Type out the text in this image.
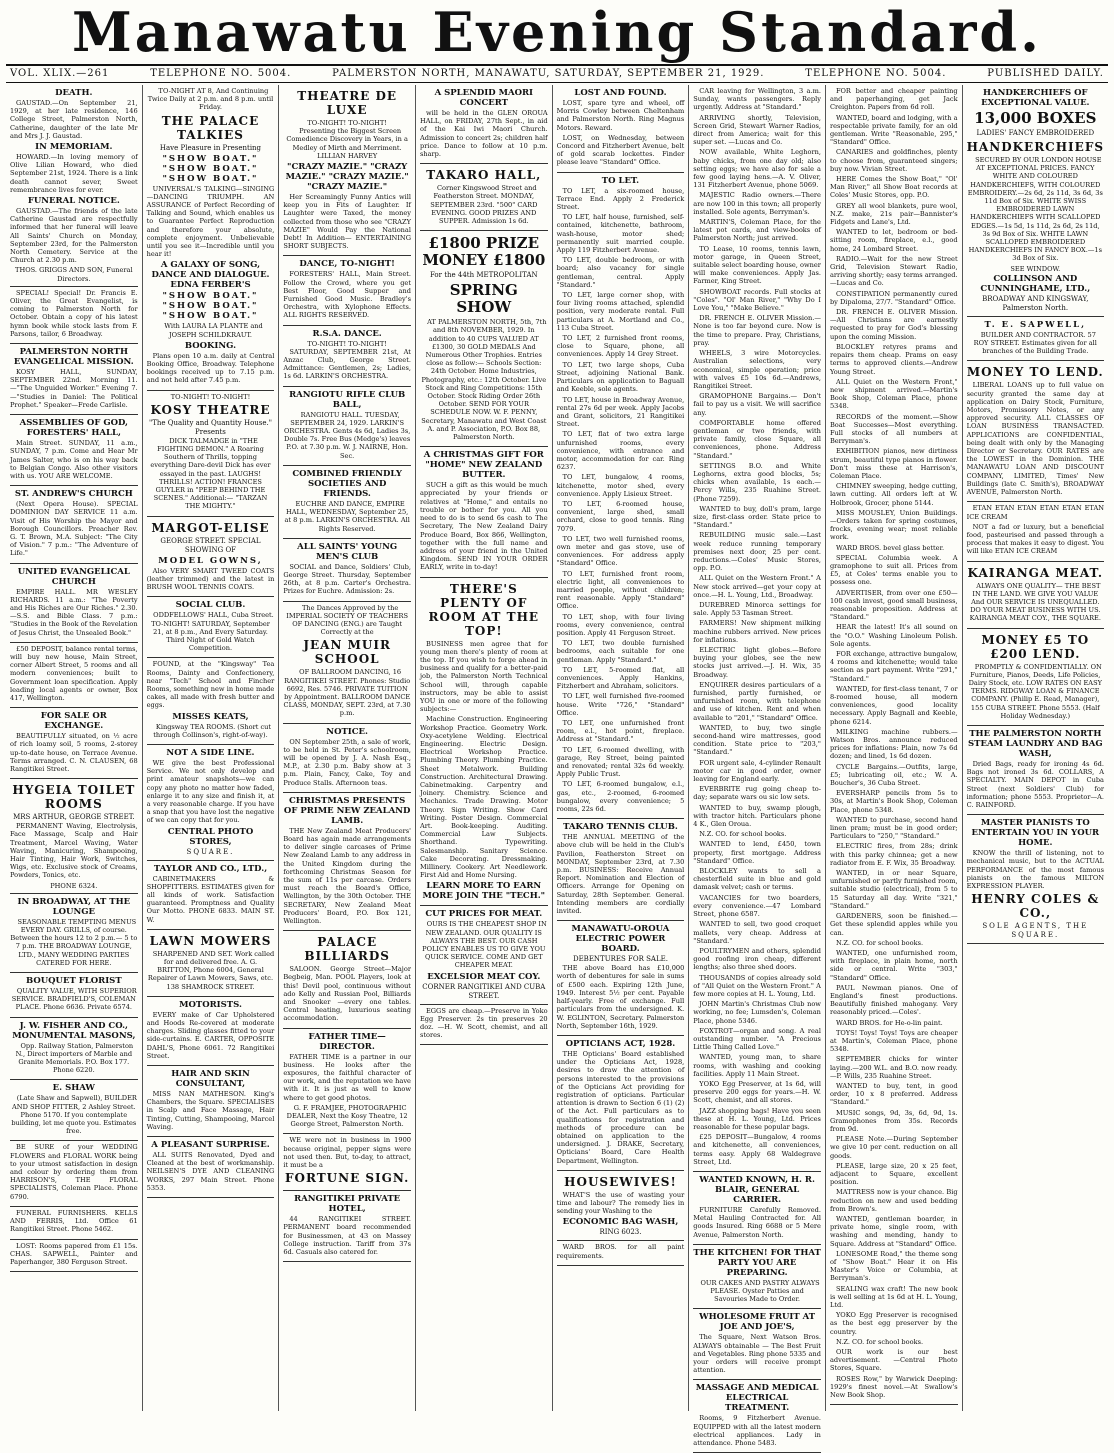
Manawatu Evening Standard.
VOL. XLIX.—261	TELEPHONE NO. 5004.	PALMERSTON NORTH, MANAWATU, SATURDAY, SEPTEMBER 21, 1929.	TELEPHONE NO. 5004.	PUBLISHED DAILY.
DEATH.

GAUSTAD.—On September 21, 1929, at her late residence, 146 College Street, Palmerston North, Catherine, daughter of the late Mr and Mrs J. J. Gaustad.

IN MEMORIAM.

HOWARD.—In loving memory of Olive Lilian Howard, who died September 21st, 1924. There is a link death cannot sever, Sweet remembrance lives for ever.

FUNERAL NOTICE.

GAUSTAD.—The friends of the late Catherine Gaustad are respectfully informed that her funeral will leave All Saints' Church on Monday, September 23rd, for the Palmerston North Cemetery. Service at the Church at 2.30 p.m.

THOS. GRIGGS AND SON, Funeral Directors.

SPECIAL! Special! Dr. Francis E. Oliver, the Great Evangelist, is coming to Palmerston North for October. Obtain a copy of his latest hymn book while stock lasts from F. Parsons, tailor, 6 Broadway.

PALMERSTON NORTH EVANGELICAL MISSION.

KOSY HALL, SUNDAY, SEPTEMBER 22nd. Morning 11.—"The Unguided Worker." Evening 7.—"Studies in Daniel: The Political Prophet." Speaker—Frede Carlisle.

ASSEMBLIES OF GOD, FORESTERS' HALL,

Main Street. SUNDAY, 11 a.m., SUNDAY, 7 p.m. Come and Hear Mr James Salter, who is on his way back to Belgian Congo. Also other visitors with us. YOU ARE WELCOME.

ST. ANDREW'S CHURCH

(Next Opera House). SPECIAL DOMINION DAY SERVICE 11 a.m. Visit of His Worship the Mayor and Borough Councillors. Preacher Rev. G. T. Brown, M.A. Subject: "The City of Vision." 7 p.m.: "The Adventure of Life."

UNITED EVANGELICAL CHURCH

EMPIRE HALL. MR WESLEY RICHARDS. 11 a.m.: "The Poverty and His Riches are Our Riches." 2.30.—S.S. and Bible Class. 7 p.m.: "Studies in the Book of the Revelation of Jesus Christ, the Unsealed Book."

£50 DEPOSIT, balance rental terms, will buy new house, Main Street, corner Albert Street, 5 rooms and all modern conveniences; built to Government loan specification. Apply leading local agents or owner, Box 417, Wellington.

FOR SALE OR EXCHANGE.

BEAUTIFULLY situated, on ½ acre of rich loamy soil, 5 rooms, 2-storey up-to-date house, on Terrace Avenue. Terms arranged. C. N. CLAUSEN, 68 Rangitikei Street.

HYGEIA TOILET ROOMS
MRS ARTHUR, GEORGE STREET.

PERMANENT Waving, Electrolysis, Face Massage, Scalp and Hair Treatment, Marcel Waving, Water Waving, Manicuring, Shampooing, Hair Tinting, Hair Work, Switches, Wigs, etc. Exclusive stock of Creams, Powders, Tonics, etc.

PHONE 6324.
IN BROADWAY, AT THE LOUNGE

SEASONABLE TEMPTING MENUS EVERY DAY. GRILLS, of course. Between the hours 12 to 2 p.m.— 5 to 7 p.m. THE BROADWAY LOUNGE, LTD., MANY WEDDING PARTIES CATERED FOR HERE.

BOUQUET FLORIST

QUALITY VALUE, WITH SUPERIOR SERVICE. BRADFIELD'S, COLEMAN PLACE. Phone 6636. Private 6574.

J. W. FISHER AND CO., MONUMENTAL MASONS,

Opp. Railway Station, Palmerston N., Direct importers of Marble and Granite Memorials. P.O. Box 177. Phone 6220.

E. SHAW

(Late Shaw and Sapwell), BUILDER AND SHOP FITTER, 2 Ashley Street. Phone 5170. If you contemplate building, let me quote you. Estimates free.

BE SURE of your WEDDING FLOWERS and FLORAL WORK being to your utmost satisfaction in design and colour by ordering them from HARRISON'S, THE FLORAL SPECIALISTS, Coleman Place. Phone 6790.

FUNERAL FURNISHERS. KELLS AND FERRIS, Ltd. Office 61 Rangitikei Street. Phone 5462.

LOST: Rooms papered from £1 15s. CHAS. SAPWELL, Painter and Paperhanger, 380 Ferguson Street.

TO-NIGHT AT 8, And Continuing Twice Daily at 2 p.m. and 8 p.m. until Friday.

THE PALACE TALKIES
Have Pleasure in Presenting
"SHOW BOAT." "SHOW BOAT." "SHOW BOAT."

UNIVERSAL'S TALKING—SINGING —DANCING TRIUMPH. AN ASSURANCE of Perfect Recording of Talking and Sound, which enables us to Guarantee Perfect Reproduction and therefore your absolute, complete enjoyment. Unbelievable until you see it—Incredible until you hear it!

A GALAXY OF SONG, DANCE AND DIALOGUE. EDNA FERBER'S
"SHOW BOAT." "SHOW BOAT." "SHOW BOAT."

With LAURA LA PLANTE and JOSEPH SCHILDKRAUT.

BOOKING.

Plans open 10 a.m. daily at Central Booking Office, Broadway. Telephone bookings received up to 7.15 p.m. and not held after 7.45 p.m.

TO-NIGHT! TO-NIGHT!
KOSY THEATRE
"The Quality and Quantity House." Presents

DICK TALMADGE in "THE FIGHTING DEMON." A Roaring Southern of Thrills, topping everything Dare-devil Dick has ever essayed in the past. LAUGHS! THRILLS! ACTION! FRANCES GUYLER in "PEEP BEHIND THE SCENES." Additional:— "TARZAN THE MIGHTY."

MARGOT-ELISE
GEORGE STREET. SPECIAL SHOWING OF
MODEL GOWNS,

Also VERY SMART TWEED COATS (leather trimmed) and the latest in BRUSH WOOL TENNIS COATS.

SOCIAL CLUB.

ODDFELLOWS' HALL, Cuba Street. TO-NIGHT! SATURDAY, September 21, at 8 p.m., And Every Saturday. Third Night of Gold Watch Competition.

FOUND, at the "Kingsway" Tea Rooms, Dainty and Confectionery, near "Tech" School and Fincher Rooms, something new in home made cakes, all made with fresh butter and eggs.

MISSES KEATS,

Kingsway TEA ROOMS. (Short cut through Collinson's, right-of-way).

NOT A SIDE LINE.

WE give the best Professional Service. We not only develop and print amateur snapshots—we can copy any photo no matter how faded, enlarge it to any size and finish it, at a very reasonable charge. If you have a snap that you have lost the negative of we can copy that for you.

CENTRAL PHOTO STORES,
SQUARE.
TAYLOR AND CO., LTD.,

CABINETMAKERS & SHOPFITTERS. ESTIMATES given for all kinds of work. Satisfaction guaranteed. Promptness and Quality Our Motto. PHONE 6833. MAIN ST. W.

LAWN MOWERS

SHARPENED AND SET. Work called for and delivered free. A. G. BRITTON, Phone 6004, General Repairer of Lawn Mowers, Saws, etc. 138 SHAMROCK STREET.

MOTORISTS.

EVERY make of Car Upholstered and Hoods Re-covered at moderate charges. Sliding glasses fitted to your side-curtains. E. CARTER, OPPOSITE DAHL'S, Phone 6061. 72 Rangitikei Street.

HAIR AND SKIN CONSULTANT,

MISS NAN MATHESON. King's Chambers, the Square. SPECIALISES in Scalp and Face Massage, Hair Tinting, Cutting, Shampooing, Marcel Waving.

A PLEASANT SURPRISE.

ALL SUITS Renovated, Dyed and Cleaned at the best of workmanship. NEILSEN'S DYE AND CLEANING WORKS, 297 Main Street. Phone 5353.

THEATRE DE LUXE
TO-NIGHT! TO-NIGHT!

Presenting the Biggest Screen Comedience Discovery in Years, in a Medley of Mirth and Merriment. LILLIAN HARVEY

"CRAZY MAZIE." "CRAZY MAZIE." "CRAZY MAZIE." "CRAZY MAZIE."

Her Screamingly Funny Antics will keep you in Fits of Laughter. If Laughter were Taxed, the money collected from those who see "CRAZY MAZIE" Would Pay the National Debt! In Addition— ENTERTAINING SHORT SUBJECTS.

DANCE, TO-NIGHT!

FORESTERS' HALL, Main Street. Follow the Crowd, where you get Best Floor, Good Supper and Furnished Good Music. Bradley's Orchestra, with Xylophone Effects. ALL RIGHTS RESERVED.

R.S.A. DANCE.
TO-NIGHT! TO-NIGHT!

SATURDAY, SEPTEMBER 21st, At Anzac Club, George Street. Admittance: Gentlemen, 2s; Ladies, 1s 6d. LARKIN'S ORCHESTRA.

RANGIOTU RIFLE CLUB BALL,

RANGIOTU HALL. TUESDAY, SEPTEMBER 24, 1929. LARKIN'S ORCHESTRA. Gents 4s 6d, Ladies 3s, Double 7s. Free Bus (Medge's) leaves P.O. at 7.30 p.m. W. J. NAIRNE, Hon. Sec.

COMBINED FRIENDLY SOCIETIES AND FRIENDS.

EUCHRE AND DANCE, EMPIRE HALL, WEDNESDAY, September 25, at 8 p.m. LARKIN'S ORCHESTRA. All Rights Reserved.

ALL SAINTS' YOUNG MEN'S CLUB

SOCIAL and Dance, Soldiers' Club, George Street. Thursday, September 26th, at 8 p.m. Carter's Orchestra. Prizes for Euchre. Admission: 2s.

The Dances Approved by the IMPERIAL SOCIETY OF TEACHERS OF DANCING (ENG.) are Taught Correctly at the

JEAN MUIR SCHOOL

OF BALLROOM DANCING, 16 RANGITIKEI STREET. Phones: Studio 6692, Res. 5746. PRIVATE TUITION by Appointment. BALLROOM DANCE CLASS, MONDAY, SEPT. 23rd, at 7.30 p.m.

NOTICE.

ON September 25th, a sale of work, to be held in St. Peter's schoolroom, will be opened by J. A. Nash Esq., M.P., at 2.30 p.m. Baby show at 3 p.m. Plain, Fancy, Cake, Toy and Produce Stalls. Afternoon teas.

CHRISTMAS PRESENTS OF PRIME NEW ZEALAND LAMB.

THE New Zealand Meat Producers' Board has again made arrangements to deliver single carcases of Prime New Zealand Lamb to any address in the United Kingdom during the forthcoming Christmas Season for the sum of 11s per carcase. Orders must reach the Board's Office, Wellington, by the 30th October. THE SECRETARY, New Zealand Meat Producers' Board, P.O. Box 121, Wellington.

PALACE BILLIARDS

SALOON. George Street—Major Begbeig, Man. POOL Players, look at this! Devil pool, continuous without ado Kelly and Russian Pool, Billiards and Snooker —every one tables. Central heating, luxurious seating accommodation.

FATHER TIME— DIRECTOR.

FATHER TIME is a partner in our business. He looks after the exposures, the faithful character of our work, and the reputation we have with it. It is just as well to know where to get good photos.

G. F. FRAMJEE, PHOTOGRAPHIC DEALER, Next the Kosy Theatre, 12 George Street, Palmerston North.

WE were not in business in 1900 because original, pepper signs were not used then. But, to-day, to attract, it must be a

FORTUNE SIGN.
RANGITIKEI PRIVATE HOTEL,

44 RANGITIKEI STREET. PERMANENT board recommended for Businessmen, at 43 on Massey College instruction. Tariff from 37s 6d. Casuals also catered for.

A SPLENDID MAORI CONCERT

will be held in the GLEN OROUA HALL, on FRIDAY, 27th Sept., in aid of the Kai Iwi Maori Church. Admission to concert 2s; children half price. Dance to follow at 10 p.m. sharp.

TAKARO HALL,

Corner Kingswood Street and Featherston Street. MONDAY, SEPTEMBER 23rd. "500" CARD EVENING. GOOD PRIZES AND SUPPER. Admission 1s 6d.

£1800 PRIZE MONEY £1800
For the 44th METROPOLITAN
SPRING SHOW

AT PALMERSTON NORTH, 5th, 7th and 8th NOVEMBER, 1929. In addition to 40 CUPS VALUED AT £1300, 30 GOLD MEDALS And Numerous Other Trophies. Entries close as follow:— Schools Section: 24th October. Home Industries, Photography, etc.: 12th October. Live Stock and Ring Competitions: 15th October. Stock Riding Order 26th October. SEND FOR YOUR SCHEDULE NOW. W. F. PENNY, Secretary, Manawatu and West Coast A. and P. Association, P.O. Box 88, Palmerston North.

A CHRISTMAS GIFT FOR "HOME" NEW ZEALAND BUTTER.

SUCH a gift as this would be much appreciated by your friends or relatives at "Home," and entails no trouble or bother for you. All you need to do is to send 6s cash to The Secretary, The New Zealand Dairy Produce Board, Box 866, Wellington, together with the full name and address of your friend in the United Kingdom. SEND IN YOUR ORDER EARLY, write in to-day!

THERE'S PLENTY OF ROOM AT THE TOP!

BUSINESS men agree that for young men there's plenty of room at the top. If you wish to forge ahead in business and qualify for a better-paid job, the Palmerston North Technical School will, through capable instructors, may be able to assist YOU in one or more of the following subjects:—

Machine Construction. Engineering Workshop Practice. Geometry Work. Oxy-acetylene Welding. Electrical Engineering. Electric Design. Electrical Workshop Practice. Plumbing Theory. Plumbing Practice. Sheet Metalwork. Building Construction. Architectural Drawing. Cabinetmaking. Carpentry and Joinery. Chemistry. Science and Mechanics. Trade Drawing. Motor Theory. Sign Writing. Show Card Writing. Poster Design. Commercial Art. Book-keeping. Auditing. Commercial Law Subjects. Shorthand. Typewriting. Salesmanship. Sanitary Science. Cake Decorating. Dressmaking. Millinery. Cookery. Art Needlework. First Aid and Home Nursing.

LEARN MORE TO EARN MORE JOIN THE "TECH."
CUT PRICES FOR MEAT.

OURS IS THE CHEAPEST SHOP IN NEW ZEALAND. OUR QUALITY IS ALWAYS THE BEST. OUR CASH POLICY ENABLES US TO GIVE YOU QUICK SERVICE. COME AND GET CHEAPER MEAT.

EXCELSIOR MEAT COY.
CORNER RANGITIKEI AND CUBA STREET.

EGGS are cheap.—Preserve in Yoko Egg Preserver. 2s tin preserves 20 doz. —H. W. Scott, chemist, and all stores.

LOST AND FOUND.

LOST, spare tyre and wheel, off Morris Cowley between Cheltenham and Palmerston North. Ring Magnus Motors. Reward.

LOST, on Wednesday, between Concord and Fitzherbert Avenue, belt of gold scarab lockettes. Finder please leave "Standard" Office.

TO LET.

TO LET, a six-roomed house, Terrace End. Apply 2 Frederick Street.

TO LET, half house, furnished, self-contained, kitchenette, bathroom, wash-house, motor shed; permanently suit married couple. Apply 119 Fitzherbert Avenue.

TO LET, double bedroom, or with board; also vacancy for single gentleman, central. Apply "Standard."

TO LET, large corner shop, with four living rooms attached, splendid position, very moderate rental. Full particulars at A. Mortland and Co., 113 Cuba Street.

TO LET, 2 furnished front rooms, close to Square, phone, all conveniences. Apply 14 Grey Street.

TO LET, two large shops, Cuba Street, adjoining National Bank. Particulars on application to Baguall and Keeble, sole agents.

TO LET, house in Broadway Avenue, rental 27s 6d per week. Apply Jacobs and Grant, solicitors, 21 Rangitikei Street.

TO LET, flat of two extra large unfurnished rooms, every convenience, with entrance and motor, accommodation for car. Ring 6237.

TO LET, bungalow, 4 rooms, kitchenette, motor shed, every convenience. Apply Lisieux Street.

TO LET, 6-roomed house, convenient, large shed, small orchard, close to good tennis. Ring 7079.

TO LET, two well furnished rooms, own meter and gas stove, use of conveniences. For address apply "Standard" Office.

TO LET, furnished front room, electric light, all conveniences to married people, without children; rent reasonable. Apply "Standard" Office.

TO LET, shop, with four living rooms, every convenience, central position. Apply 41 Ferguson Street.

TO LET, two double furnished bedrooms, each suitable for one gentleman. Apply "Standard."

TO LET, 5-roomed flat, all conveniences. Apply Hankins, Fitzherbert and Abraham, solicitors.

TO LET, well furnished five-roomed house. Write "726," "Standard" Office.

TO LET, one unfurnished front room, e.l., hot point, fireplace. Address at "Standard."

TO LET, 6-roomed dwelling, with garage, Rey Street, being painted and renovated; rental 32s 6d weekly. Apply Public Trust.

TO LET, 6-roomed bungalow, e.l., gas, etc., 2-roomed, 6-roomed bungalow, every convenience; 5 rooms, 22s 6d.

TAKARO TENNIS CLUB.

THE ANNUAL MEETING of the above club will be held in the Club's Pavilion, Featherston Street on MONDAY, September 23rd, at 7.30 p.m. BUSINESS: Receive Annual Report. Nomination and Election of Officers. Arrange for Opening on Saturday, 28th September. General. Intending members are cordially invited.

MANAWATU-OROUA ELECTRIC POWER BOARD.
DEBENTURES FOR SALE.

THE above Board has £10,000 worth of debentures for sale in sums of £500 each. Expiring 12th June, 1949. Interest 5½ per cent. Payable half-yearly. Free of exchange. Full particulars from the undersigned. K. W. EGLINTON, Secretary. Palmerston North, September 16th, 1929.

OPTICIANS ACT, 1928.

THE Opticians' Board established under the Opticians Act, 1928, desires to draw the attention of persons interested to the provisions of the Opticians Act providing for registration of opticians. Particular attention is drawn to Section 6 (1) (2) of the Act. Full particulars as to qualifications for registration and methods of procedure can be obtained on application to the undersigned. J. DRAKE, Secretary, Opticians' Board, Care Health Department, Wellington.

HOUSEWIVES!

WHAT'S the use of wasting your time and labour? The remedy lies in sending your Washing to the

ECONOMIC BAG WASH,
RING 6023.

WARD BROS. for all paint requirements.

CAR leaving for Wellington, 3 a.m. Sunday, wants passengers. Reply urgently. Address at "Standard."

ARRIVING shortly, Television, Screen Grid, Stewart Warner Radios, direct from America; wait for this super set. —Lucas and Co.

NOW available, White Leghorn, baby chicks, from one day old; also setting eggs; we have also for sale a few good laying hens.—A. V. Oliver, 131 Fitzherbert Avenue, phone 5069.

MAJESTIC Radio owners.—There are now 100 in this town; all properly installed. Sole agents, Berryman's.

MARTIN'S, Coleman Place, for the latest pot cards, and view-books of Palmerston North; just arrived.

TO Lease, 10 rooms, tennis lawn, motor garage, in Queen Street, suitable select boarding house, owner will make conveniences. Apply Jas. Farmer, King Street.

SHOWBOAT records. Full stocks at "Coles". "Ol' Man River," "Why Do I Love You," "Make Believe."

DR. FRENCH E. OLIVER Mission.— None is too far beyond cure. Now is the time to prepare. Pray, Christians, pray.

WHEELS, 3 wire Motorcycles. Australian selections, very economical, simple operation; price with valves £5 10s 6d.—Andrews, Rangitikei Street.

GRAMOPHONE Bargains.— Don't fail to pay us a visit. We will sacrifice any.

COMFORTABLE home offered gentleman or two friends, with private family, close Square, all conveniences, phone. Address "Standard."

SETTINGS B.O. and White Leghorns, extra good blocks, 5s; chicks when available, 1s each.—Percy Wills, 235 Ruahine Street. (Phone 7259).

WANTED to buy, doll's pram, large size, first-class order. State price to "Standard."

REBUILDING music sale.—Last week reduce running temporary premises next door, 25 per cent. reductions.—Coles' Music Stores, opp. P.O.

ALL Quiet on the Western Front." A New stock arrived—get your copy at once.—H. L. Young, Ltd., Broadway.

DUREBRED Minorca settings for sale. Apply 53 Tasman Street.

FARMERS! New shipment milking machine rubbers arrived. New prices for inflations.

ELECTRIC light globes.—Before buying your globes, see the new stocks just arrived.—J. H. Wix, 35 Broadway.

ENQUIRER desires particulars of a furnished, partly furnished, or unfurnished room, with telephone and use of kitchen. Rent and when available to "201," "Standard" Office.

WANTED, to buy, two single second-hand wire mattresses, good condition. State price to "203," "Standard."

FOR urgent sale, 4-cylinder Renault motor car in good order, owner leaving for England early.

EVERBRITE rug going cheap to-day; separate wars ou sic low sets.

WANTED to buy, swamp plough, with tractor hitch. Particulars phone 4 K., Glen Oroua.

N.Z. CO. for school books.

WANTED to lend, £450, town property, first mortgage. Address "Standard" Office.

BLOCKLEY wants to sell a chesterfield suite in blue and gold damask velvet; cash or terms.

VACANCIES for two boarders, every convenience.—47 Lombard Street, phone 6587.

WANTED to sell, two good croquet mallets, very cheap. Address at "Standard."

POULTRYMEN and others, splendid good roofing iron cheap, different lengths; also three shed doors.

THOUSANDS of copies already sold of "All Quiet on the Western Front." A few more copies at H. L. Young, Ltd.

JOHN Martin's Christmas Club now working, no fee; Lumsden's, Coleman Place, phone 5346.

FOXTROT—organ and song. A real outstanding number. "A Precious Little Thing Called Love."

WANTED, young man, to share rooms, with washing and cooking facilities. Apply 11 Main Street.

YOKO Egg Preserver, at 1s 6d, will preserve 200 eggs for years.—H. W. Scott, chemist, and all stores.

JAZZ shopping bags! Have you seen these at H. L. Young, Ltd. Prices reasonable for these popular bags.

£25 DEPOSIT—Bungalow, 4 rooms and kitchenette, all conveniences, terms easy. Apply 68 Waldegrave Street, Ltd.

WANTED KNOWN, H. R. BLAIR, GENERAL CARRIER.

FURNITURE Carefully Removed. Metal Hauling Contracted for. All goods Insured. Ring 6688 or 5 Mere Avenue, Palmerston North.

THE KITCHEN! FOR THAT PARTY YOU ARE PREPARING.

OUR CAKES AND PASTRY ALWAYS PLEASE. Oyster Patties and Savouries Made to Order.

WHOLESOME FRUIT AT JOE AND JOE'S,

The Square, Next Watson Bros. ALWAYS obtainable — The Best Fruit and Vegetables. Ring phone 5335 and your orders will receive prompt attention.

MASSAGE AND MEDICAL ELECTRICAL TREATMENT.

Rooms, 9 Fitzherbert Avenue. EQUIPPED with all the latest modern electrical appliances. Lady in attendance. Phone 5483.

FOR better and cheaper painting and paperhanging, get Jack Creighton. Papers from 6d roll.

WANTED, board and lodging, with a respectable private family, for an old gentleman. Write "Reasonable, 295," "Standard" Office.

CANARIES and goldfinches, plenty to choose from, guaranteed singers; buy now. Vivian Street.

HERE Comes the Show Boat," "Ol' Man River," all Show Boat records at Coles' Music Stores, opp. P.O.

GREY all wool blankets, pure wool, N.Z. make, 21s pair—Bannister's Fidgets and Lane's, Ltd.

WANTED to let, bedroom or bed-sitting room, fireplace, e.l., good home, 24 Lombard Street.

RADIO.—Wait for the new Street Grid, Television Stewart Radio, arriving shortly; easy terms arranged. —Lucas and Co.

CONSTIPATION permanently cured by Dipaloma, 27/7. "Standard" Office.

DR. FRENCH E. OLIVER Mission. —All Christians are earnestly requested to pray for God's blessing upon the coming Mission.

BLOCKLEY retyres prams and repairs them cheap. Prams on easy terms to approved clients.—Andrew Young Street.

ALL Quiet on the Western Front," new shipment arrived.—Martin's Book Shop, Coleman Place, phone 5348.

RECORDS of the moment.—Show Boat Successes—Most everything. Full stocks of all numbers at Berryman's.

EXHIBITION pianos, new dirtiness strum, beautiful type pianos in flower. Don't miss these at Harrison's, Coleman Place.

CHIMNEY sweeping, hedge cutting, lawn cutting. All orders left at W. Holbrook, Grocer, phone 5144.

MISS MOUSLEY, Union Buildings.—Orders taken for spring costumes, frocks, evening wear; most reliable work.

WARD BROS. bevel glass better.

SPECIAL Columbia week. A gramophone to suit all. Prices from £5, at Coles' terms enable you to possess one.

ADVERTISER, from over one £50—100 cash invest, good small business, reasonable proposition. Address at "Standard."

HEAR the latest! It's all sound on the "O.O." Washing Linoleum Polish. Sole agents.

FOR exchange, attractive bungalow, 4 rooms and kitchenette; would take section as part payment. Write "291," "Standard."

WANTED, for first-class tenant, 7 or 8-roomed house, all modern conveniences, good locality necessary. Apply Bagnall and Keeble, phone 6214.

MILKING machine rubbers.—Watson Bros. announce reduced prices for inflations: Plain, now 7s 6d dozen; and lined, 1s 6d dozen.

CYCLE Bargains.—Outfits, large, £5; lubricating oil, etc.; W. A. Boucher's, 36 Cuba Street.

EVERSHARP pencils from 5s to 30s, at Martin's Book Shop, Coleman Place, phone 5348.

WANTED to purchase, second hand linen pram; must be in good order; Particulars to "250," "Standard."

ELECTRIC fires, from 28s; drink with this parky chinnea; get a new radiator from E. F. Wix, 35 Broadway.

WANTED, in or near Square, unfurnished or partly furnished room, suitable studio (electrical), from 5 to 15 Saturday all day. Write "321," "Standard."

GARDENERS, soon be finished.—Get these splendid apples while you can.

N.Z. CO. for school books.

WANTED, one unfurnished room, with fireplace, in plain home, north side or central. Write "303," "Standard" Office.

PAUL Newman pianos. One of England's finest productions. Beautifully finished mahogany. Very reasonably priced.—Coles'.

WARD BROS. for He-o-lin paint.

TOYS! Toys! Toys! Toys are cheaper at Martin's, Coleman Place, phone 5348.

SEPTEMBER chicks for winter laying.—200 W.L. and B.O. now ready. —P. Wills, 235 Ruahine Street.

WANTED to buy, tent, in good order, 10 x 8 preferred. Address "Standard."

MUSIC songs, 9d, 3s, 6d, 9d, 1s. Gramophones from 35s. Records from 9d.

PLEASE Note.—During September we give 10 per cent. reduction on all goods.

PLEASE, large size, 20 x 25 feet, adjacent to Square, excellent position.

MATTRESS now is your chance. Big reduction on new and used bedding from Brown's.

WANTED, gentleman boarder, in private home, single room, with washing and mending, handy to Square. Address at "Standard" Office.

LONESOME Road," the theme song of "Show Boat." Hear it on His Master's Voice or Columbia, at Berryman's.

SEALING wax craft! The new book is well selling at 1s 6d at H. L. Young, Ltd.

YOKO Egg Preserver is recognised as the best egg preserver by the country.

N.Z. CO. for school books.

OUR work is our best advertisement. —Central Photo Stores, Square.

ROSES Row," by Warwick Deeping: 1929's finest novel.—At Swallow's New Book Shop.

HANDKERCHIEFS OF EXCEPTIONAL VALUE.
13,000 BOXES
LADIES' FANCY EMBROIDERED
HANDKERCHIEFS

SECURED BY OUR LONDON HOUSE AT EXCEPTIONAL PRICES. FANCY WHITE AND COLOURED HANDKERCHIEFS, WITH COLOURED EMBROIDERY.—2s 6d, 2s 11d, 3s 6d, 3s 11d Box of Six. WHITE SWISS EMBROIDERED LAWN HANDKERCHIEFS WITH SCALLOPED EDGES.—1s 5d, 1s 11d, 2s 6d, 2s 11d, 3s 9d Box of Six. WHITE LAWN SCALLOPED EMBROIDERED HANDKERCHIEFS IN FANCY BOX.—1s 3d Box of Six.

SEE WINDOW.
COLLINSON AND CUNNINGHAME, LTD.,
BROADWAY AND KINGSWAY, Palmerston North.
T. E. SAPWELL,

BUILDER AND CONTRACTOR. 57 ROY STREET. Estimates given for all branches of the Building Trade.

MONEY TO LEND.

LIBERAL LOANS up to full value on security granted the same day at application on Dairy Stock, Furniture, Motors, Promissory Notes, or any approved security. ALL CLASSES OF LOAN BUSINESS TRANSACTED. APPLICATIONS are CONFIDENTIAL, being dealt with only by the Managing Director or Secretary. OUR RATES are the LOWEST in the Dominion. THE MANAWATU LOAN AND DISCOUNT COMPANY, LIMITED, Times' New Buildings (late C. Smith's), BROADWAY AVENUE, Palmerston North.

ETAN ETAN ETAN ETAN ETAN ETAN ICE CREAM

NOT a fad or luxury, but a beneficial food, pasteurised and passed through a process that makes it easy to digest. You will like ETAN ICE CREAM

KAIRANGA MEAT.

ALWAYS ONE QUALITY— THE BEST IN THE LAND. WE GIVE YOU VALUE And OUR SERVICE IS UNEQUALLED. DO YOUR MEAT BUSINESS WITH US. KAIRANGA MEAT COY., THE SQUARE.

MONEY £5 TO £200 LEND.

PROMPTLY & CONFIDENTIALLY. ON Furniture, Pianos, Deeds, Life Policies, Dairy Stock, etc. LOW RATES ON EASY TERMS. RIDGWAY LOAN & FINANCE COMPANY. (Philip E. Read, Manager), 155 CUBA STREET. Phone 5553. (Half Holiday Wednesday.)

THE PALMERSTON NORTH STEAM LAUNDRY AND BAG WASH,

Dried Bags, ready for ironing 4s 6d. Bags not ironed 3s 6d. COLLARS, A SPECIALTY. MAIN DEPOT in Cuba Street (next Soldiers' Club) for information; phone 5553. Proprietor—A. C. RAINFORD.

MASTER PIANISTS TO ENTERTAIN YOU IN YOUR HOME.

KNOW the thrill of listening, not to mechanical music, but to the ACTUAL PERFORMANCE of the most famous pianists on the famous MILTON EXPRESSION PLAYER.

HENRY COLES & CO.,
SOLE AGENTS, THE SQUARE.
